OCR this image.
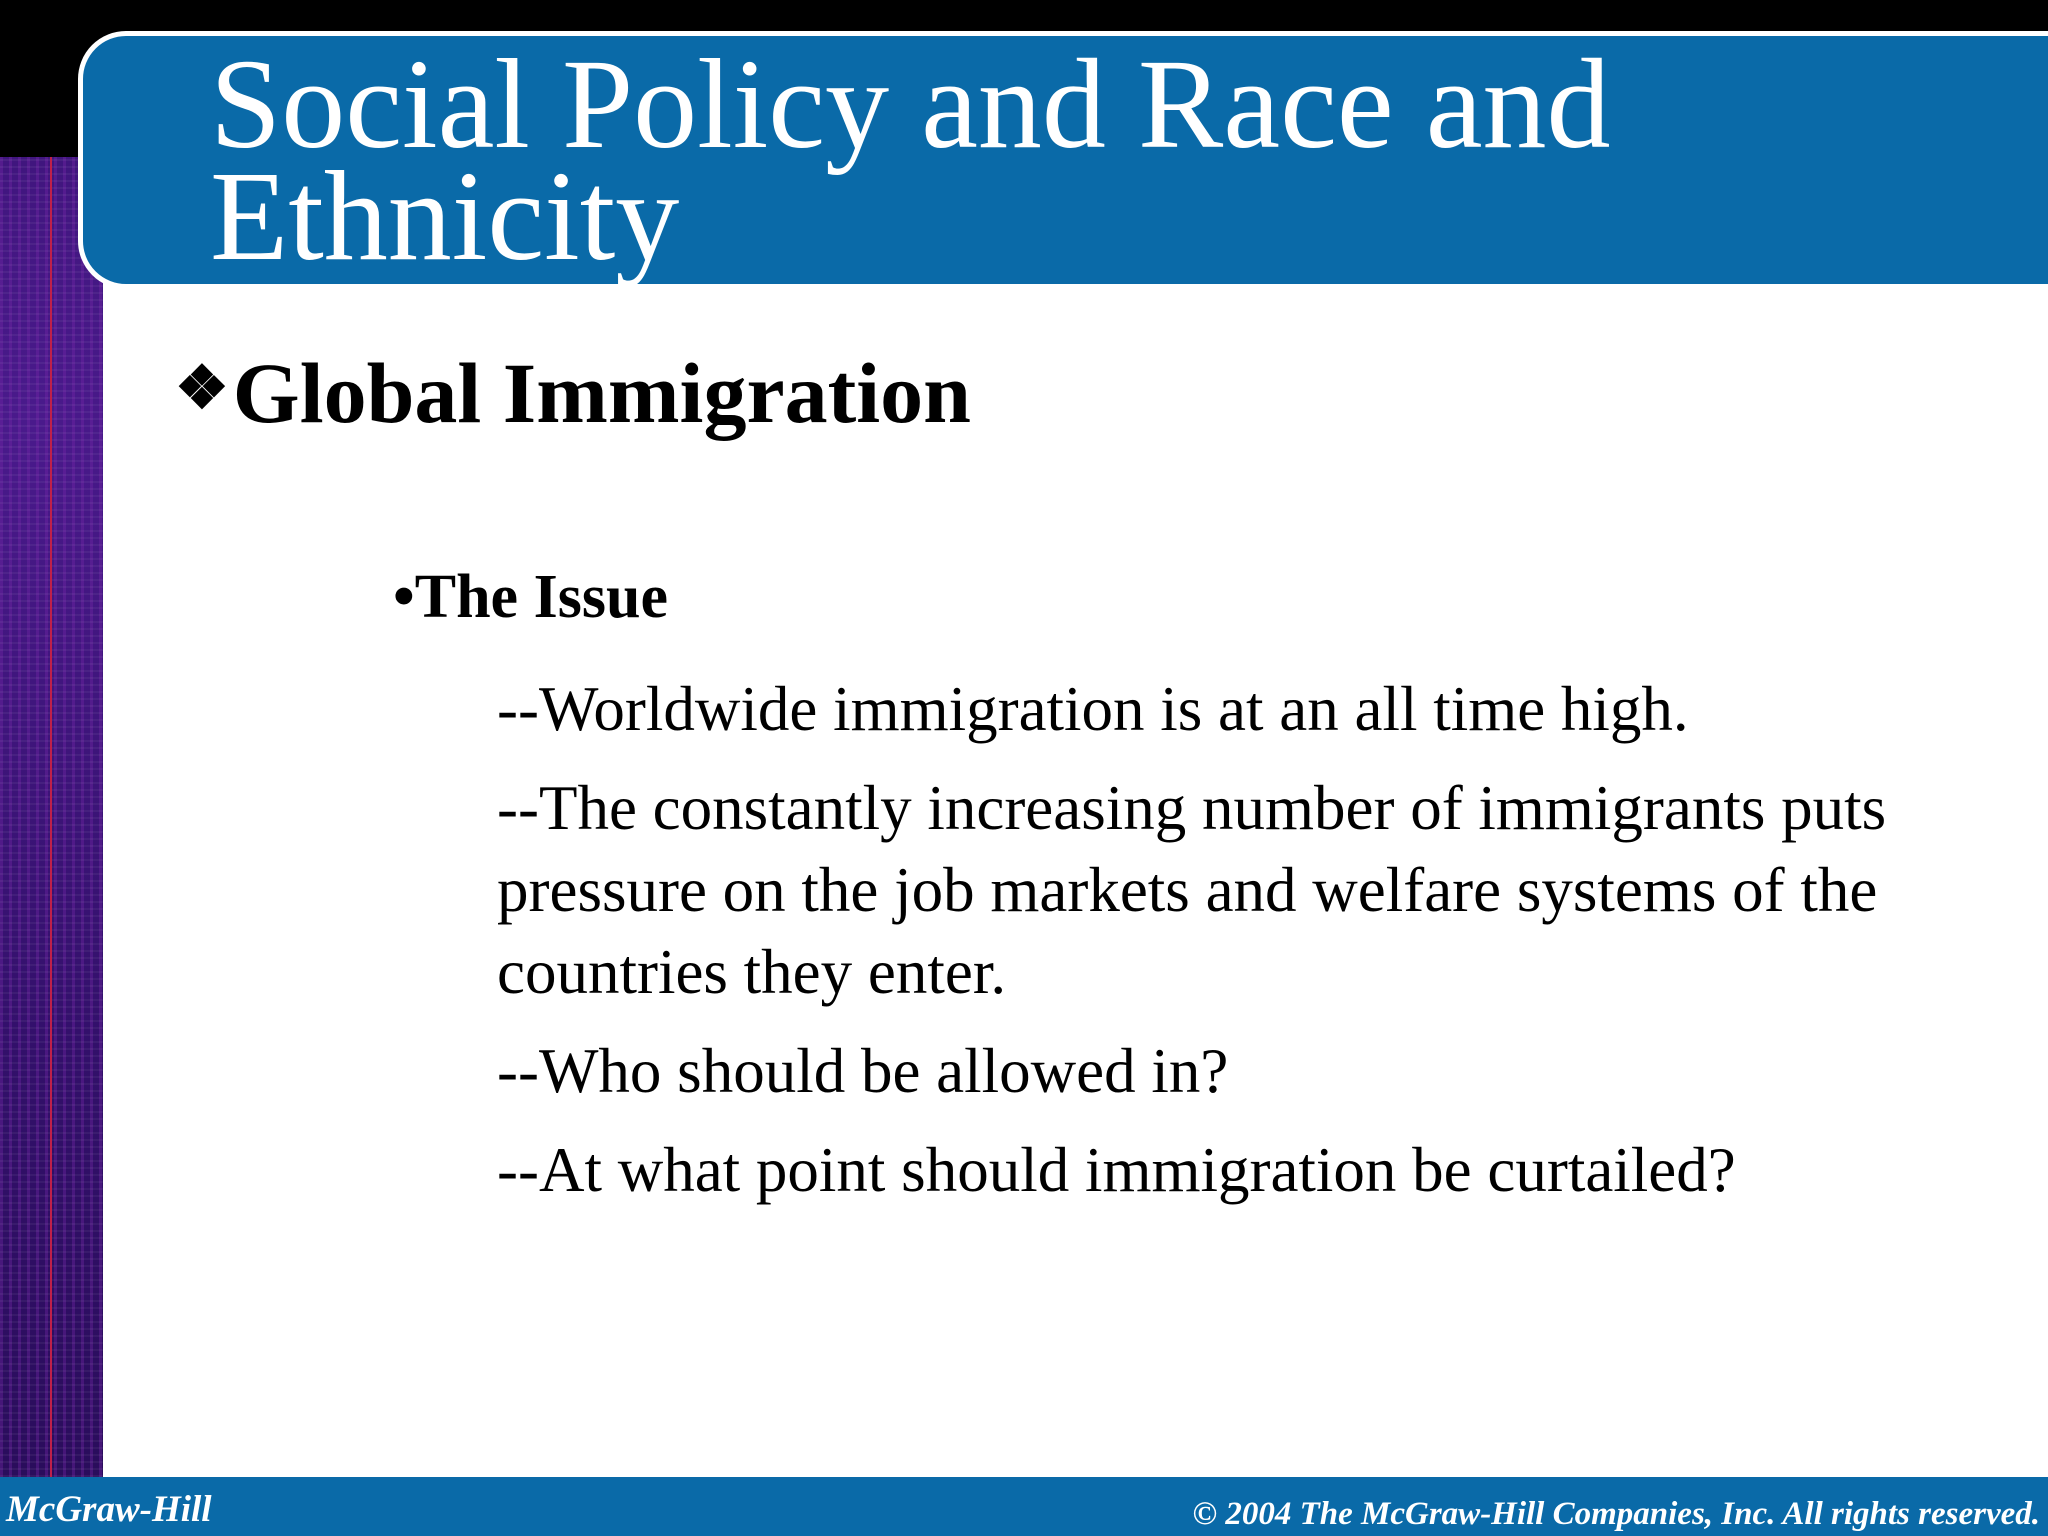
Social Policy and Race and Ethnicity
❖Global Immigration
•The Issue
--Worldwide immigration is at an all time high.
--The constantly increasing number of immigrants puts pressure on the job markets and welfare systems of the countries they enter.
--Who should be allowed in?
--At what point should immigration be curtailed?
McGraw-Hill	© 2004 The McGraw-Hill Companies, Inc. All rights reserved.
